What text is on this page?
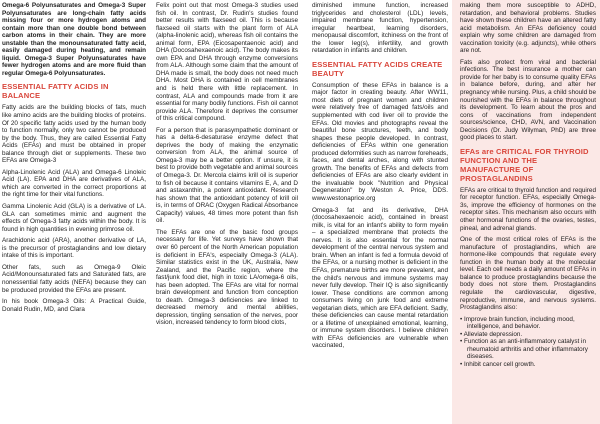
Omega-6 Polyunsaturates and Omega-3 Super Polyunsaturates are long-chain fatty acids missing four or more hydrogen atoms and contain more than one double bond between carbon atoms in their chain. They are more unstable than the monounsaturated fatty acid, easily damaged during heating, and remain liquid. Omega-3 Super Polyunsaturates have fewer hydrogen atoms and are more fluid than regular Omega-6 Polyunsaturates.

ESSENTIAL FATTY ACIDS IN BALANCE

Fatty acids are the building blocks of fats, much like amino acids are the building blocks of proteins. Of 20 specific fatty acids used by the human body to function normally, only two cannot be produced by the body. Thus, they are called Essential Fatty Acids (EFAs) and must be obtained in proper balance through diet or supplements. These two EFAs are Omega-3

Alpha-Linolenic Acid (ALA) and Omega-6 Linoleic Acid (LA). EPA and DHA are derivatives of ALA, which are converted in the correct proportions at the right time for their vital functions.

Gamma Linolenic Acid (GLA) is a derivative of LA. GLA can sometimes mimic and augment the effects of Omega-3 fatty acids within the body. It is found in high quantities in evening primrose oil.

Arachidonic acid (ARA), another derivative of LA, is the precursor of prostaglandins and low dietary intake of this is important.

Other fats, such as Omega-9 Oleic Acid/Monounsaturated fats and Saturated fats, are nonessential fatty acids (NEFA) because they can be produced provided the EFAs are present.

In his book Omega-3 Oils: A Practical Guide, Donald Rudin, MD, and Clara

Felix point out that most Omega-3 studies used fish oil. In contrast, Dr. Rudin's studies found better results with flaxseed oil. This is because flaxseed oil starts with the plant form of ALA (alpha-linolenic acid), whereas fish oil contains the animal form, EPA (Eicosapentaenoic acid) and DHA (Docosahexaenoic acid). The body makes its own EPA and DHA through enzyme conversions from ALA. Although some claim that the amount of DHA made is small, the body does not need much DHA. Most DHA is contained in cell membranes and is held there with little replacement. In contrast, ALA and compounds made from it are essential for many bodily functions. Fish oil cannot provide ALA. Therefore it deprives the consumer of this critical compound.

For a person that is parasympathetic dominant or has a delta-6-desaturase enzyme defect that deprives the body of making the enzymatic conversion from ALA, the animal source of Omega-3 may be a better option. If unsure, it is best to provide both vegetable and animal sources of Omega-3. Dr. Mercola claims krill oil is superior to fish oil because it contains vitamins E, A, and D and astaxanthin, a potent antioxidant. Research has shown that the antioxidant potency of krill oil is, in terms of ORAC (Oxygen Radical Absorbance Capacity) values, 48 times more potent than fish oil.

The EFAs are one of the basic food groups necessary for life. Yet surveys have shown that over 60 percent of the North American population is deficient in EFA's, especially Omega-3 (ALA). Similar statistics exist in the UK, Australia, New Zealand, and the Pacific region, where the fast/junk food diet, high in toxic LA/omega-6 oils, has been adopted. The EFAs are vital for normal brain development and function from conception to death. Omega-3 deficiencies are linked to decreased memory and mental abilities, depression, tingling sensation of the nerves, poor vision, increased tendency to form blood clots,

diminished immune function, increased triglycerides and cholesterol (LDL) levels, impaired membrane function, hypertension, irregular heartbeat, learning disorders, menopausal discomfort, itchiness on the front of the lower leg(s), infertility, and growth retardation in infants and children.

ESSENTIAL FATTY ACIDS CREATE BEAUTY

Consumption of these EFAs in balance is a major factor in creating beauty. After WW11, most diets of pregnant women and children were relatively free of damaged fats/oils and supplemented with cod liver oil to provide the EFAs. Old movies and photographs reveal the beautiful bone structures, teeth, and body shapes these people developed. In contrast, deficiencies of EFAs within one generation produced deformities such as narrow foreheads, faces, and dental arches, along with stunted growth. The benefits of EFAs and defects from deficiencies of EFAs are also clearly evident in the invaluable book "Nutrition and Physical Degeneration" by Weston A. Price, DDS. www.westonaprice.org

Omega-3 fat and its derivative, DHA (docosahexaenoic acid), contained in breast milk, is vital for an infant's ability to form myelin – a specialized membrane that protects the nerves. It is also essential for the normal development of the central nervous system and brain. When an infant is fed a formula devoid of the EFAs, or a nursing mother is deficient in the EFAs, premature births are more prevalent, and the child's nervous and immune systems may never fully develop. Their IQ is also significantly lower. These conditions are common among consumers living on junk food and extreme vegetarian diets, which are EFA deficient. Sadly, these deficiencies can cause mental retardation or a lifetime of unexplained emotional, learning, or immune system disorders. I believe children with EFAs deficiencies are vulnerable when vaccinated,

making them more susceptible to ADHD, retardation, and behavioral problems. Studies have shown these children have an altered fatty acid metabolism. An EFAs deficiency could explain why some children are damaged from vaccination toxicity (e.g. adjuncts), while others are not.

Fats also protect from viral and bacterial infections. The best insurance a mother can provide for her baby is to consume quality EFAs in balance before, during, and after her pregnancy while nursing. Plus, a child should be nourished with the EFAs in balance throughout its development. To learn about the pros and cons of vaccinations from independent sources/science, CHD, AVN, and Vaccination Decisions (Dr. Judy Wilyman, PhD) are three good places to start.

EFAs are CRITICAL FOR THYROID FUNCTION AND THE MANUFACTURE OF PROSTAGLANDINS

EFAs are critical to thyroid function and required for receptor function. EFAs, especially Omega-3s, improve the efficiency of hormones on the receptor sites. This mechanism also occurs with other hormonal functions of the ovaries, testes, pineal, and adrenal glands.

One of the most critical roles of EFAs is the manufacture of prostaglandins, which are hormone-like compounds that regulate every function in the human body at the molecular level. Each cell needs a daily amount of EFAs in balance to produce prostaglandins because the body does not store them. Prostaglandins regulate the cardiovascular, digestive, reproductive, immune, and nervous systems. Prostaglandins also:

• Improve brain function, including mood, intelligence, and behavior.
• Alleviate depression.
• Function as an anti-inflammatory catalyst in rheumatoid arthritis and other inflammatory diseases.
• Inhibit cancer cell growth.
